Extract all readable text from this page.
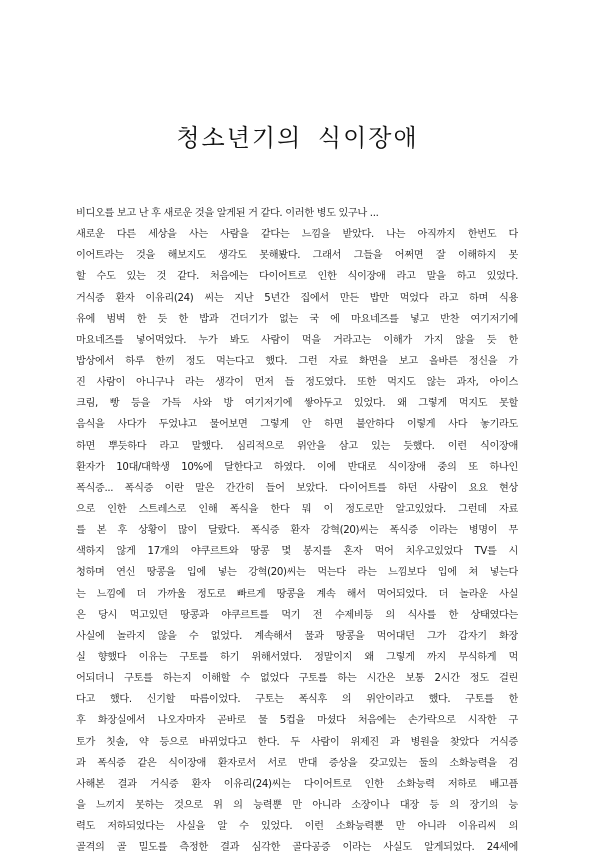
청소년기의 식이장애
비디오를 보고 난 후 새로운 것을 알게된 거 같다. 이러한 병도 있구나 ...
새로운 다른 세상을 사는 사람을 같다는 느낌을 받았다. 나는 아직까지 한번도 다
이어트라는 것을 해보지도 생각도 못해봤다. 그래서 그들을 어쩌면 잘 이해하지 못
할 수도 있는 것 같다. 처음에는 다이어트로 인한 식이장애 라고 말을 하고 있었다.
거식증 환자 이유리(24) 씨는 지난 5년간 집에서 만든 밥만 먹었다 라고 하며 식용
유에 범벅 한 듯 한 밥과 건더기가 없는 국 에 마요네즈를 넣고 반찬 여기저기에
마요네즈를 넣어먹었다. 누가 봐도 사람이 먹을 거라고는 이해가 가지 않을 듯 한
밥상에서 하루 한끼 정도 먹는다고 했다. 그런 자료 화면을 보고 올바른 정신을 가
진 사람이 아니구나 라는 생각이 먼저 들 정도였다. 또한 먹지도 않는 과자, 아이스
크림, 빵 등을 가득 사와 방 여기저기에 쌓아두고 있었다. 왜 그렇게 먹지도 못할
음식을 사다가 두었냐고 물어보면 그렇게 안 하면 불안하다 이렇게 사다 놓기라도
하면 뿌듯하다 라고 말했다. 심리적으로 위안을 삼고 있는 듯했다. 이런 식이장애
환자가 10대/대학생 10%에 달한다고 하였다. 이에 반대로 식이장애 중의 또 하나인
폭식증... 폭식증 이란 말은 간간히 들어 보았다. 다이어트를 하던 사람이 요요 현상
으로 인한 스트레스로 인해 폭식을 한다 뭐 이 정도로만 알고있었다. 그런데 자료
를 본 후 상황이 많이 달랐다. 폭식증 환자 강혁(20)씨는 폭식증 이라는 병명이 무
색하지 않게 17개의 야쿠르트와 땅콩 몇 봉지를 혼자 먹어 치우고있었다 TV를 시
청하며 연신 땅콩을 입에 넣는 강혁(20)씨는 먹는다 라는 느낌보다 입에 쳐 넣는다
는 느낌에 더 가까울 정도로 빠르게 땅콩을 계속 해서 먹어되었다. 더 놀라운 사실
은 당시 먹고있던 땅콩과 야쿠르트를 먹기 전 수제비등 의 식사를 한 상태였다는
사실에 놀라지 않을 수 없었다. 계속해서 물과 땅콩을 먹어대던 그가 갑자기 화장
실 향했다 이유는 구토를 하기 위해서였다. 정말이지 왜 그렇게 까지 무식하게 먹
어되더니 구토를 하는지 이해할 수 없었다 구토를 하는 시간은 보통 2시간 정도 걸린
다고 했다. 신기할 따름이었다. 구토는 폭식후 의 위안이라고 했다. 구토를 한
후 화장실에서 나오자마자 곧바로 물 5컵을 마셨다 처음에는 손가락으로 시작한 구
토가 칫솔, 약 등으로 바뀌었다고 한다. 두 사람이 위제진 과 병원을 찾았다 거식증
과 폭식증 같은 식이장애 환자로서 서로 반대 증상을 갖고있는 둘의 소화능력을 검
사해본 결과 거식증 환자 이유리(24)씨는 다이어트로 인한 소화능력 저하로 배고픔
을 느끼지 못하는 것으로 위 의 능력뿐 만 아니라 소장이나 대장 등 의 장기의 능
력도 저하되었다는 사실을 알 수 있었다. 이런 소화능력뿐 만 아니라 이유리씨 의
골격의 골 밀도를 측정한 결과 심각한 골다공증 이라는 사실도 알게되었다. 24세에
